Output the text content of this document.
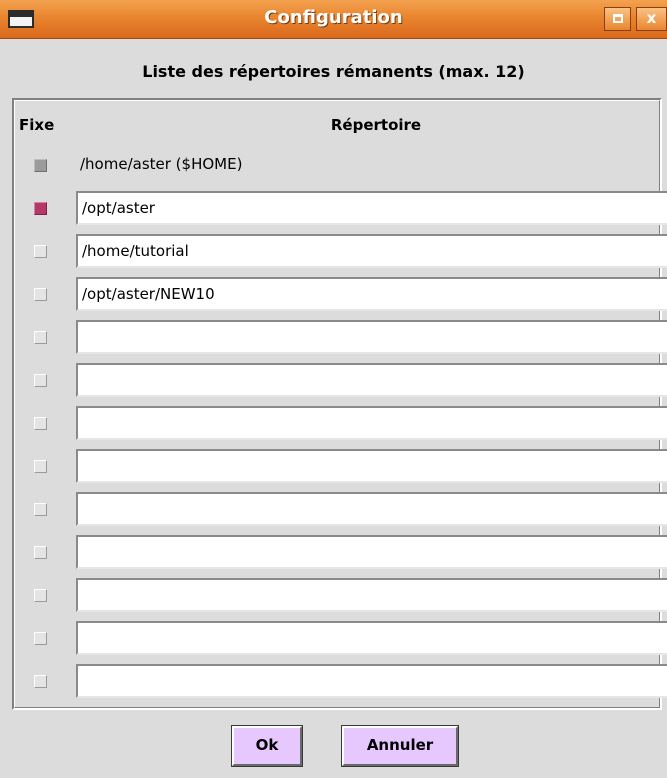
Configuration	x
Liste des répertoires rémanents (max. 12)
Fixe	Répertoire
/home/aster ($HOME)
/opt/aster
/home/tutorial
/opt/aster/NEW10
Ok	Annuler
